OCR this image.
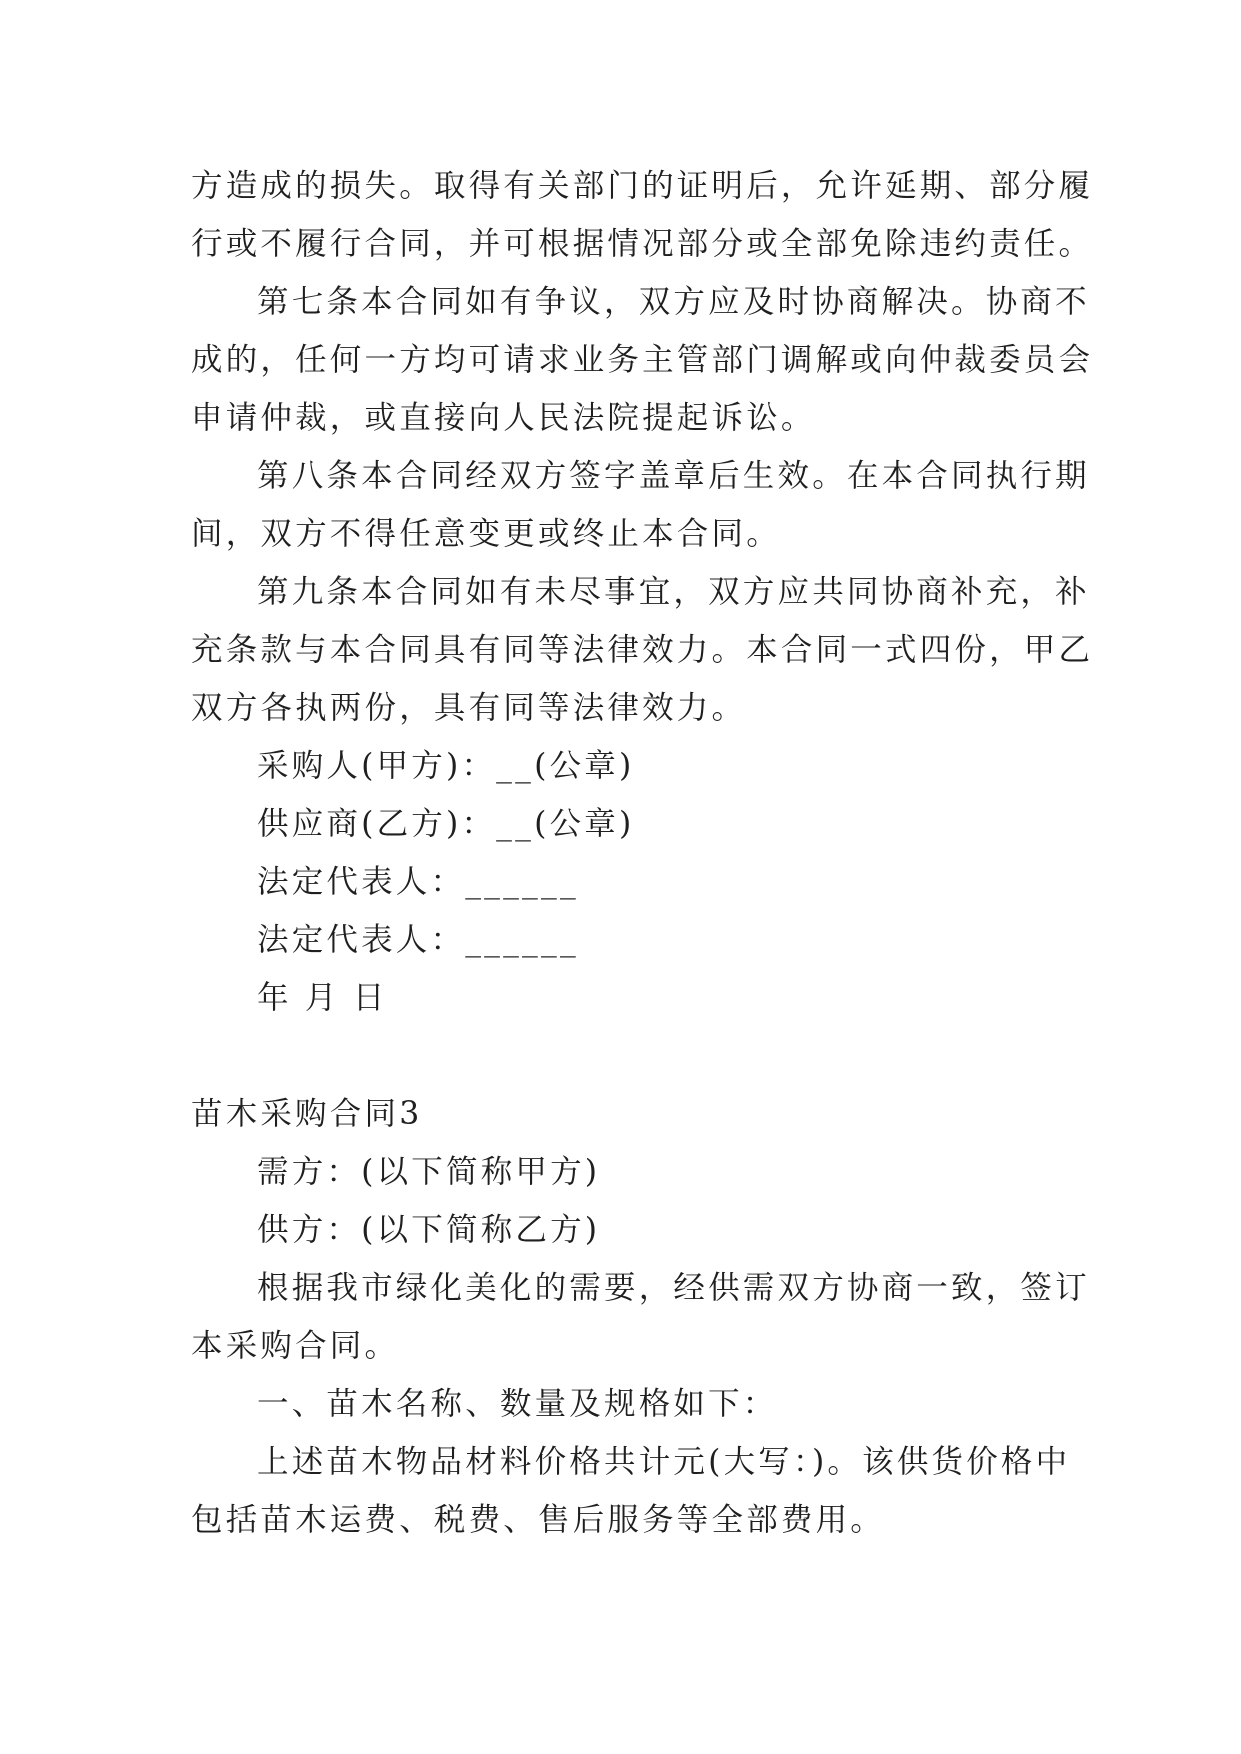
方造成的损失。取得有关部门的证明后，允许延期、部分履
行或不履行合同，并可根据情况部分或全部免除违约责任。
第七条本合同如有争议，双方应及时协商解决。协商不
成的，任何一方均可请求业务主管部门调解或向仲裁委员会
申请仲裁，或直接向人民法院提起诉讼。
第八条本合同经双方签字盖章后生效。在本合同执行期
间，双方不得任意变更或终止本合同。
第九条本合同如有未尽事宜，双方应共同协商补充，补
充条款与本合同具有同等法律效力。本合同一式四份，甲乙
双方各执两份，具有同等法律效力。
采购人(甲方)：__(公章)
供应商(乙方)：__(公章)
法定代表人：______
法定代表人：______
年 月 日
苗木采购合同3
需方：(以下简称甲方)
供方：(以下简称乙方)
根据我市绿化美化的需要，经供需双方协商一致，签订
本采购合同。
一、苗木名称、数量及规格如下：
上述苗木物品材料价格共计元(大写：)。该供货价格中
包括苗木运费、税费、售后服务等全部费用。
